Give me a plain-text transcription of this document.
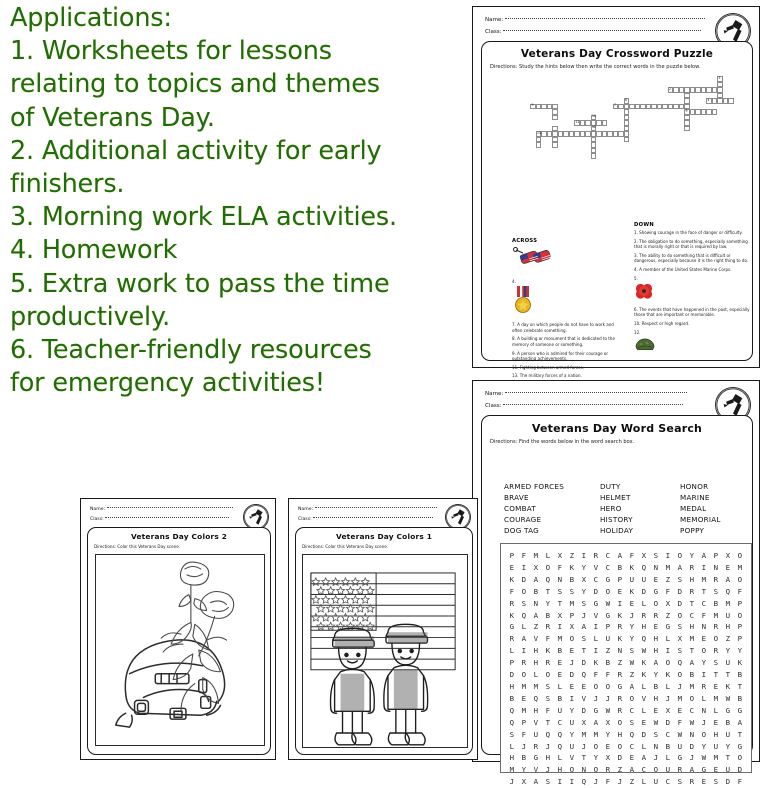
Applications:
1. Worksheets for lessons
relating to topics and themes
of Veterans Day.
2. Additional activity for early
finishers.
3. Morning work ELA activities.
4. Homework
5. Extra work to pass the time
productively.
6. Teacher-friendly resources
for emergency activities!
Name:
Class:
Veterans Day Crossword Puzzle
Directions: Study the hints below then write the correct words in the puzzle below.
5
2
6	4
9	7
9
10
11
12
13
ACROSS
4.
7. A day on which people do not have to work and often celebrate something.
8. A building or monument that is dedicated to the memory of someone or something.
9. A person who is admired for their courage or outstanding achievements.
11. Fighting between armed forces.
13. The military forces of a nation.
DOWN
1. Showing courage in the face of danger or difficulty.
2. The obligation to do something, especially something that is morally right or that is required by law.
3. The ability to do something that is difficult or dangerous, especially because it is the right thing to do.
4. A member of the United States Marine Corps.
5.
6. The events that have happened in the past, especially those that are important or memorable.
10. Respect or high regard.
12.
Name:
Class:
Veterans Day Word Search
Directions: Find the words below in the word search box.
ARMED FORCES	DUTY	HONOR
BRAVE	HELMET	MARINE
COMBAT	HERO	MEDAL
COURAGE	HISTORY	MEMORIAL
DOG TAG	HOLIDAY	POPPY
P F M L X Z I R C A F X S I O Y A P X O
E I X O F K Y V C B K Q N M A R I N E M
K D A Q N B X C G P U U E Z S H M R A O
F O B T S S Y D O E K D G F D R T S Q F
R S N Y T M S G W I E L O X D T C B M P
K Q A B X P J V G K J R R Z O C F M U O
G L Z R I X A I P R Y H E G S H N R H P
R A V F M O S L U K Y Q H L X M E O Z P
L I H K B E T I Z N S W H I S T O R Y Y
P R H R E J D K B Z W K A O Q A Y S U K
D O L O E D Q F F R Z K Y K O B I T T B
H M M S L E E O O G A L B L J M R E K T
B E Q S B I V J J R O V H J M O L M W B
Q M H F U Y D G W R C L E X E C N L G G
Q P V T C U X A X O S E W D F W J E B A
S F U Q Q Y M M Y H Q D S C W N O H U T
L J R J Q U J O E O C L N B U D Y U Y G
H B G H L V T Y X D E A J L G J W M T O
M Y V J H O N O R Z A C O U R A G E U D
J X A S I I Q J F J Z L U C S R E S D F
Name:
Class:
Veterans Day Colors 2
Directions: Color this Veterans Day scene.
Name:
Class:
Veterans Day Colors 1
Directions: Color this Veterans Day scene.
